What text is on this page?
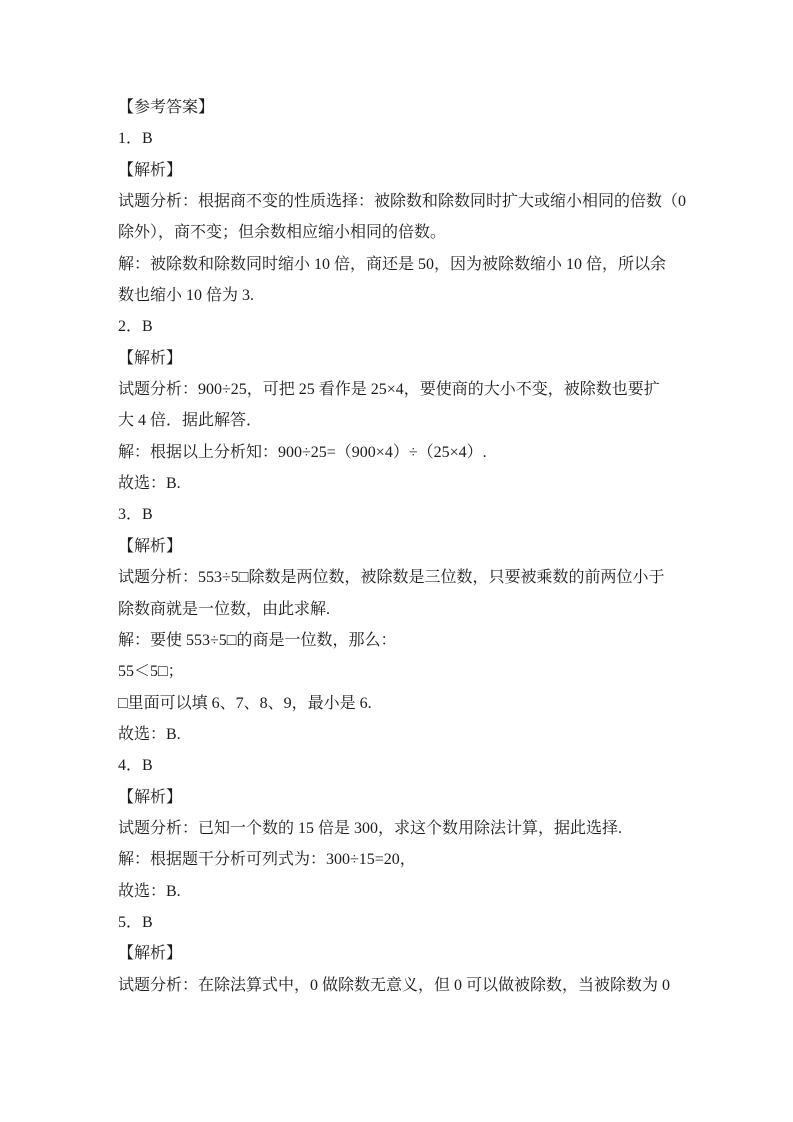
【参考答案】
1．B
【解析】
试题分析：根据商不变的性质选择：被除数和除数同时扩大或缩小相同的倍数（0
除外），商不变；但余数相应缩小相同的倍数。
解：被除数和除数同时缩小 10 倍，商还是 50，因为被除数缩小 10 倍，所以余
数也缩小 10 倍为 3.
2．B
【解析】
试题分析：900÷25，可把 25 看作是 25×4，要使商的大小不变，被除数也要扩
大 4 倍．据此解答．
解：根据以上分析知：900÷25=（900×4）÷（25×4）.
故选：B.
3．B
【解析】
试题分析：553÷5□除数是两位数，被除数是三位数，只要被乘数的前两位小于
除数商就是一位数，由此求解.
解：要使 553÷5□的商是一位数，那么：
55＜5□；
□里面可以填 6、7、8、9，最小是 6.
故选：B.
4．B
【解析】
试题分析：已知一个数的 15 倍是 300，求这个数用除法计算，据此选择.
解：根据题干分析可列式为：300÷15=20，
故选：B.
5．B
【解析】
试题分析：在除法算式中，0 做除数无意义，但 0 可以做被除数，当被除数为 0
